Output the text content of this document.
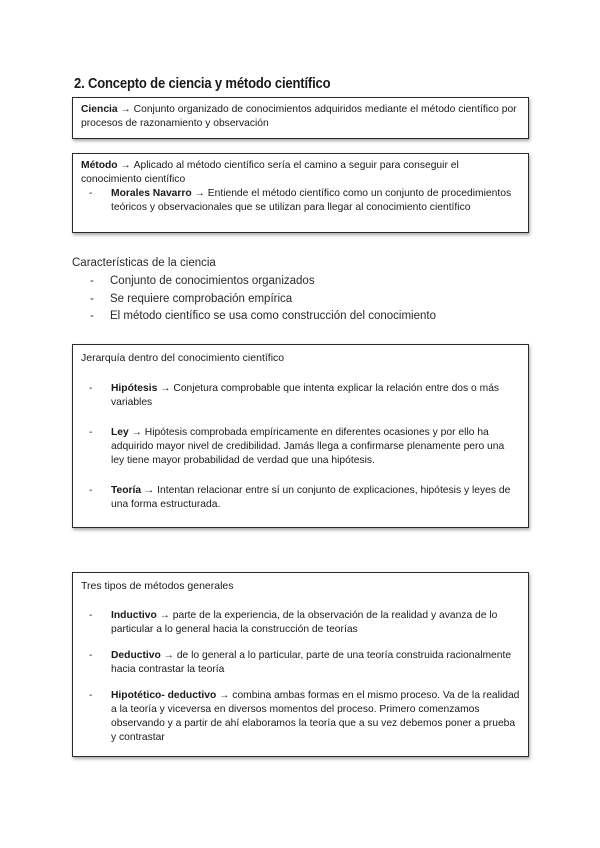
2. Concepto de ciencia y método científico
Ciencia → Conjunto organizado de conocimientos adquiridos mediante el método científico por procesos de razonamiento y observación
Método → Aplicado al método científico sería el camino a seguir para conseguir el conocimiento científico
-	Morales Navarro → Entiende el método científico como un conjunto de procedimientos teóricos y observacionales que se utilizan para llegar al conocimiento científico
Características de la ciencia
-	Conjunto de conocimientos organizados
-	Se requiere comprobación empírica
-	El método científico se usa como construcción del conocimiento
Jerarquía dentro del conocimiento científico
-	Hipótesis → Conjetura comprobable que intenta explicar la relación entre dos o más variables
-	Ley → Hipótesis comprobada empíricamente en diferentes ocasiones y por ello ha adquirido mayor nivel de credibilidad. Jamás llega a confirmarse plenamente pero una ley tiene mayor probabilidad de verdad que una hipótesis.
-	Teoría → Intentan relacionar entre sí un conjunto de explicaciones, hipótesis y leyes de una forma estructurada.
Tres tipos de métodos generales
-	Inductivo → parte de la experiencia, de la observación de la realidad y avanza de lo particular a lo general hacia la construcción de teorías
-	Deductivo → de lo general a lo particular, parte de una teoría construida racionalmente hacia contrastar la teoría
-	Hipotético- deductivo → combina ambas formas en el mismo proceso. Va de la realidad a la teoría y viceversa en diversos momentos del proceso. Primero comenzamos observando y a partir de ahí elaboramos la teoría que a su vez debemos poner a prueba y contrastar
